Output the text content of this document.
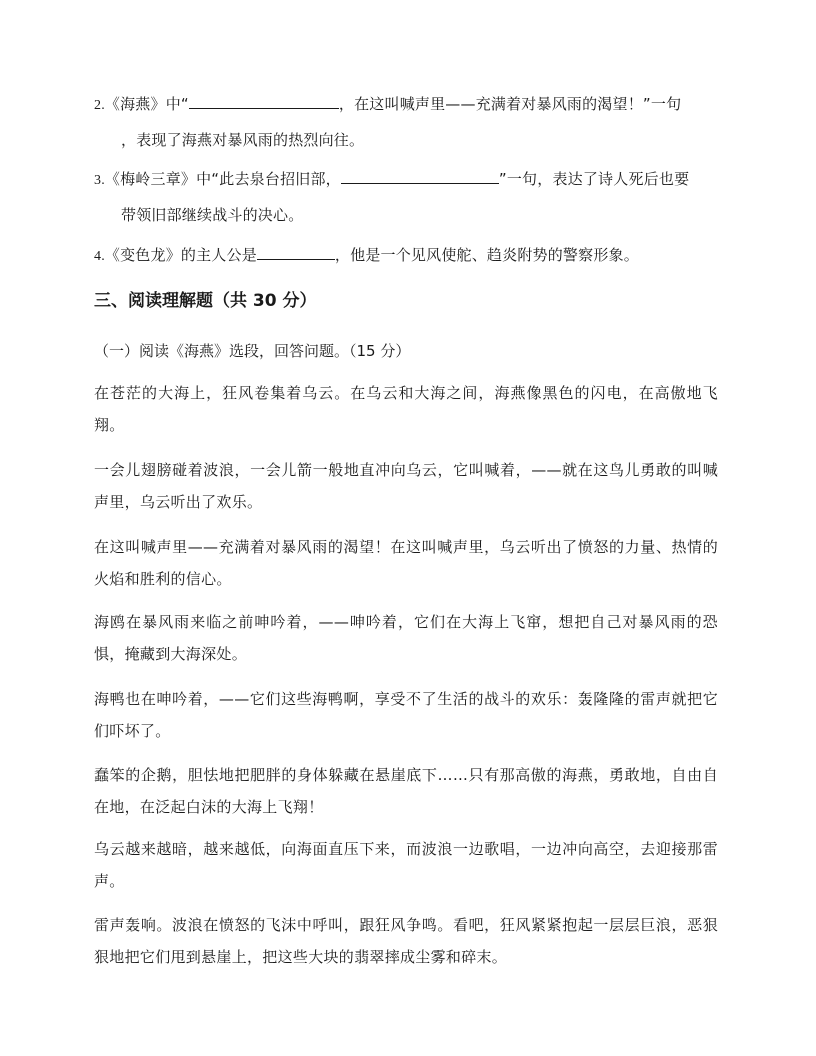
2.《海燕》中“	，在这叫喊声里——充满着对暴风雨的渴望！”一句
，表现了海燕对暴风雨的热烈向往。
3.《梅岭三章》中“此去泉台招旧部，	”一句，表达了诗人死后也要
带领旧部继续战斗的决心。
4.《变色龙》的主人公是	，他是一个见风使舵、趋炎附势的警察形象。
三、阅读理解题（共 30 分）
（一）阅读《海燕》选段，回答问题。（15 分）
在苍茫的大海上，狂风卷集着乌云。在乌云和大海之间，海燕像黑色的闪电，在高傲地飞翔。
一会儿翅膀碰着波浪，一会儿箭一般地直冲向乌云，它叫喊着，——就在这鸟儿勇敢的叫喊声里，乌云听出了欢乐。
在这叫喊声里——充满着对暴风雨的渴望！在这叫喊声里，乌云听出了愤怒的力量、热情的火焰和胜利的信心。
海鸥在暴风雨来临之前呻吟着，——呻吟着，它们在大海上飞窜，想把自己对暴风雨的恐惧，掩藏到大海深处。
海鸭也在呻吟着，——它们这些海鸭啊，享受不了生活的战斗的欢乐：轰隆隆的雷声就把它们吓坏了。
蠢笨的企鹅，胆怯地把肥胖的身体躲藏在悬崖底下……只有那高傲的海燕，勇敢地，自由自在地，在泛起白沫的大海上飞翔！
乌云越来越暗，越来越低，向海面直压下来，而波浪一边歌唱，一边冲向高空，去迎接那雷声。
雷声轰响。波浪在愤怒的飞沫中呼叫，跟狂风争鸣。看吧，狂风紧紧抱起一层层巨浪，恶狠狠地把它们甩到悬崖上，把这些大块的翡翠摔成尘雾和碎末。
